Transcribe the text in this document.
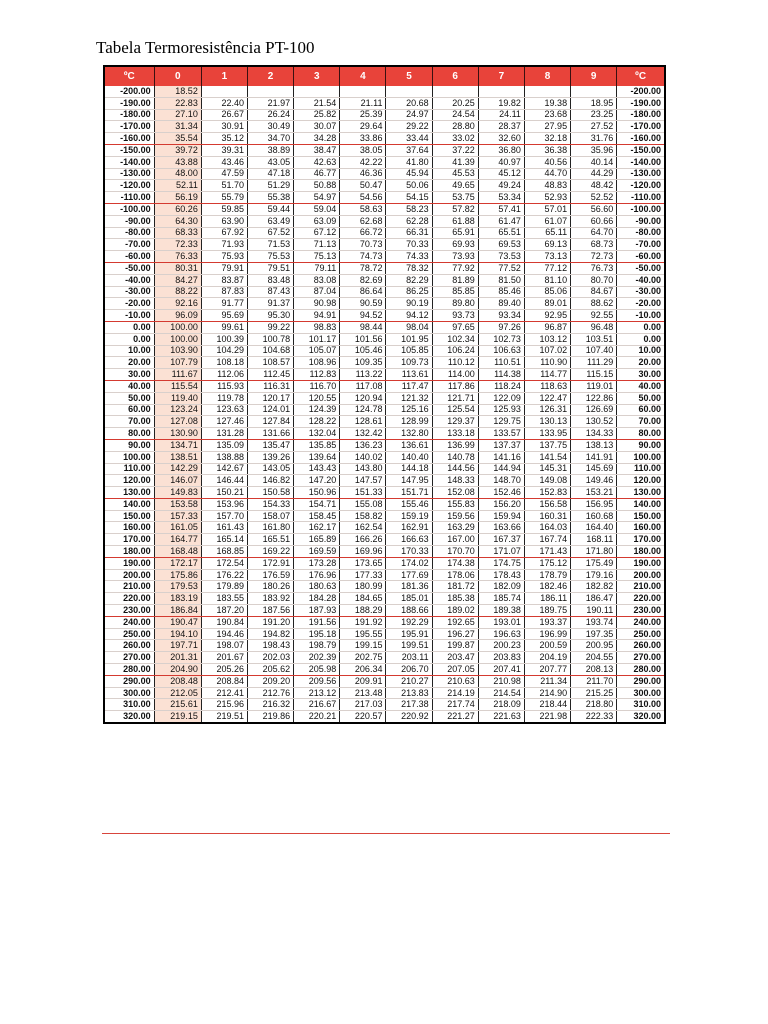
Tabela Termoresistência PT-100
ºC	0	1	2	3	4	5	6	7	8	9	ºC
-200.00	18.52										-200.00
-190.00	22.83	22.40	21.97	21.54	21.11	20.68	20.25	19.82	19.38	18.95	-190.00
-180.00	27.10	26.67	26.24	25.82	25.39	24.97	24.54	24.11	23.68	23.25	-180.00
-170.00	31.34	30.91	30.49	30.07	29.64	29.22	28.80	28.37	27.95	27.52	-170.00
-160.00	35.54	35.12	34.70	34.28	33.86	33.44	33.02	32.60	32.18	31.76	-160.00
-150.00	39.72	39.31	38.89	38.47	38.05	37.64	37.22	36.80	36.38	35.96	-150.00
-140.00	43.88	43.46	43.05	42.63	42.22	41.80	41.39	40.97	40.56	40.14	-140.00
-130.00	48.00	47.59	47.18	46.77	46.36	45.94	45.53	45.12	44.70	44.29	-130.00
-120.00	52.11	51.70	51.29	50.88	50.47	50.06	49.65	49.24	48.83	48.42	-120.00
-110.00	56.19	55.79	55.38	54.97	54.56	54.15	53.75	53.34	52.93	52.52	-110.00
-100.00	60.26	59.85	59.44	59.04	58.63	58.23	57.82	57.41	57.01	56.60	-100.00
-90.00	64.30	63.90	63.49	63.09	62.68	62.28	61.88	61.47	61.07	60.66	-90.00
-80.00	68.33	67.92	67.52	67.12	66.72	66.31	65.91	65.51	65.11	64.70	-80.00
-70.00	72.33	71.93	71.53	71.13	70.73	70.33	69.93	69.53	69.13	68.73	-70.00
-60.00	76.33	75.93	75.53	75.13	74.73	74.33	73.93	73.53	73.13	72.73	-60.00
-50.00	80.31	79.91	79.51	79.11	78.72	78.32	77.92	77.52	77.12	76.73	-50.00
-40.00	84.27	83.87	83.48	83.08	82.69	82.29	81.89	81.50	81.10	80.70	-40.00
-30.00	88.22	87.83	87.43	87.04	86.64	86.25	85.85	85.46	85.06	84.67	-30.00
-20.00	92.16	91.77	91.37	90.98	90.59	90.19	89.80	89.40	89.01	88.62	-20.00
-10.00	96.09	95.69	95.30	94.91	94.52	94.12	93.73	93.34	92.95	92.55	-10.00
0.00	100.00	99.61	99.22	98.83	98.44	98.04	97.65	97.26	96.87	96.48	0.00
0.00	100.00	100.39	100.78	101.17	101.56	101.95	102.34	102.73	103.12	103.51	0.00
10.00	103.90	104.29	104.68	105.07	105.46	105.85	106.24	106.63	107.02	107.40	10.00
20.00	107.79	108.18	108.57	108.96	109.35	109.73	110.12	110.51	110.90	111.29	20.00
30.00	111.67	112.06	112.45	112.83	113.22	113.61	114.00	114.38	114.77	115.15	30.00
40.00	115.54	115.93	116.31	116.70	117.08	117.47	117.86	118.24	118.63	119.01	40.00
50.00	119.40	119.78	120.17	120.55	120.94	121.32	121.71	122.09	122.47	122.86	50.00
60.00	123.24	123.63	124.01	124.39	124.78	125.16	125.54	125.93	126.31	126.69	60.00
70.00	127.08	127.46	127.84	128.22	128.61	128.99	129.37	129.75	130.13	130.52	70.00
80.00	130.90	131.28	131.66	132.04	132.42	132.80	133.18	133.57	133.95	134.33	80.00
90.00	134.71	135.09	135.47	135.85	136.23	136.61	136.99	137.37	137.75	138.13	90.00
100.00	138.51	138.88	139.26	139.64	140.02	140.40	140.78	141.16	141.54	141.91	100.00
110.00	142.29	142.67	143.05	143.43	143.80	144.18	144.56	144.94	145.31	145.69	110.00
120.00	146.07	146.44	146.82	147.20	147.57	147.95	148.33	148.70	149.08	149.46	120.00
130.00	149.83	150.21	150.58	150.96	151.33	151.71	152.08	152.46	152.83	153.21	130.00
140.00	153.58	153.96	154.33	154.71	155.08	155.46	155.83	156.20	156.58	156.95	140.00
150.00	157.33	157.70	158.07	158.45	158.82	159.19	159.56	159.94	160.31	160.68	150.00
160.00	161.05	161.43	161.80	162.17	162.54	162.91	163.29	163.66	164.03	164.40	160.00
170.00	164.77	165.14	165.51	165.89	166.26	166.63	167.00	167.37	167.74	168.11	170.00
180.00	168.48	168.85	169.22	169.59	169.96	170.33	170.70	171.07	171.43	171.80	180.00
190.00	172.17	172.54	172.91	173.28	173.65	174.02	174.38	174.75	175.12	175.49	190.00
200.00	175.86	176.22	176.59	176.96	177.33	177.69	178.06	178.43	178.79	179.16	200.00
210.00	179.53	179.89	180.26	180.63	180.99	181.36	181.72	182.09	182.46	182.82	210.00
220.00	183.19	183.55	183.92	184.28	184.65	185.01	185.38	185.74	186.11	186.47	220.00
230.00	186.84	187.20	187.56	187.93	188.29	188.66	189.02	189.38	189.75	190.11	230.00
240.00	190.47	190.84	191.20	191.56	191.92	192.29	192.65	193.01	193.37	193.74	240.00
250.00	194.10	194.46	194.82	195.18	195.55	195.91	196.27	196.63	196.99	197.35	250.00
260.00	197.71	198.07	198.43	198.79	199.15	199.51	199.87	200.23	200.59	200.95	260.00
270.00	201.31	201.67	202.03	202.39	202.75	203.11	203.47	203.83	204.19	204.55	270.00
280.00	204.90	205.26	205.62	205.98	206.34	206.70	207.05	207.41	207.77	208.13	280.00
290.00	208.48	208.84	209.20	209.56	209.91	210.27	210.63	210.98	211.34	211.70	290.00
300.00	212.05	212.41	212.76	213.12	213.48	213.83	214.19	214.54	214.90	215.25	300.00
310.00	215.61	215.96	216.32	216.67	217.03	217.38	217.74	218.09	218.44	218.80	310.00
320.00	219.15	219.51	219.86	220.21	220.57	220.92	221.27	221.63	221.98	222.33	320.00
